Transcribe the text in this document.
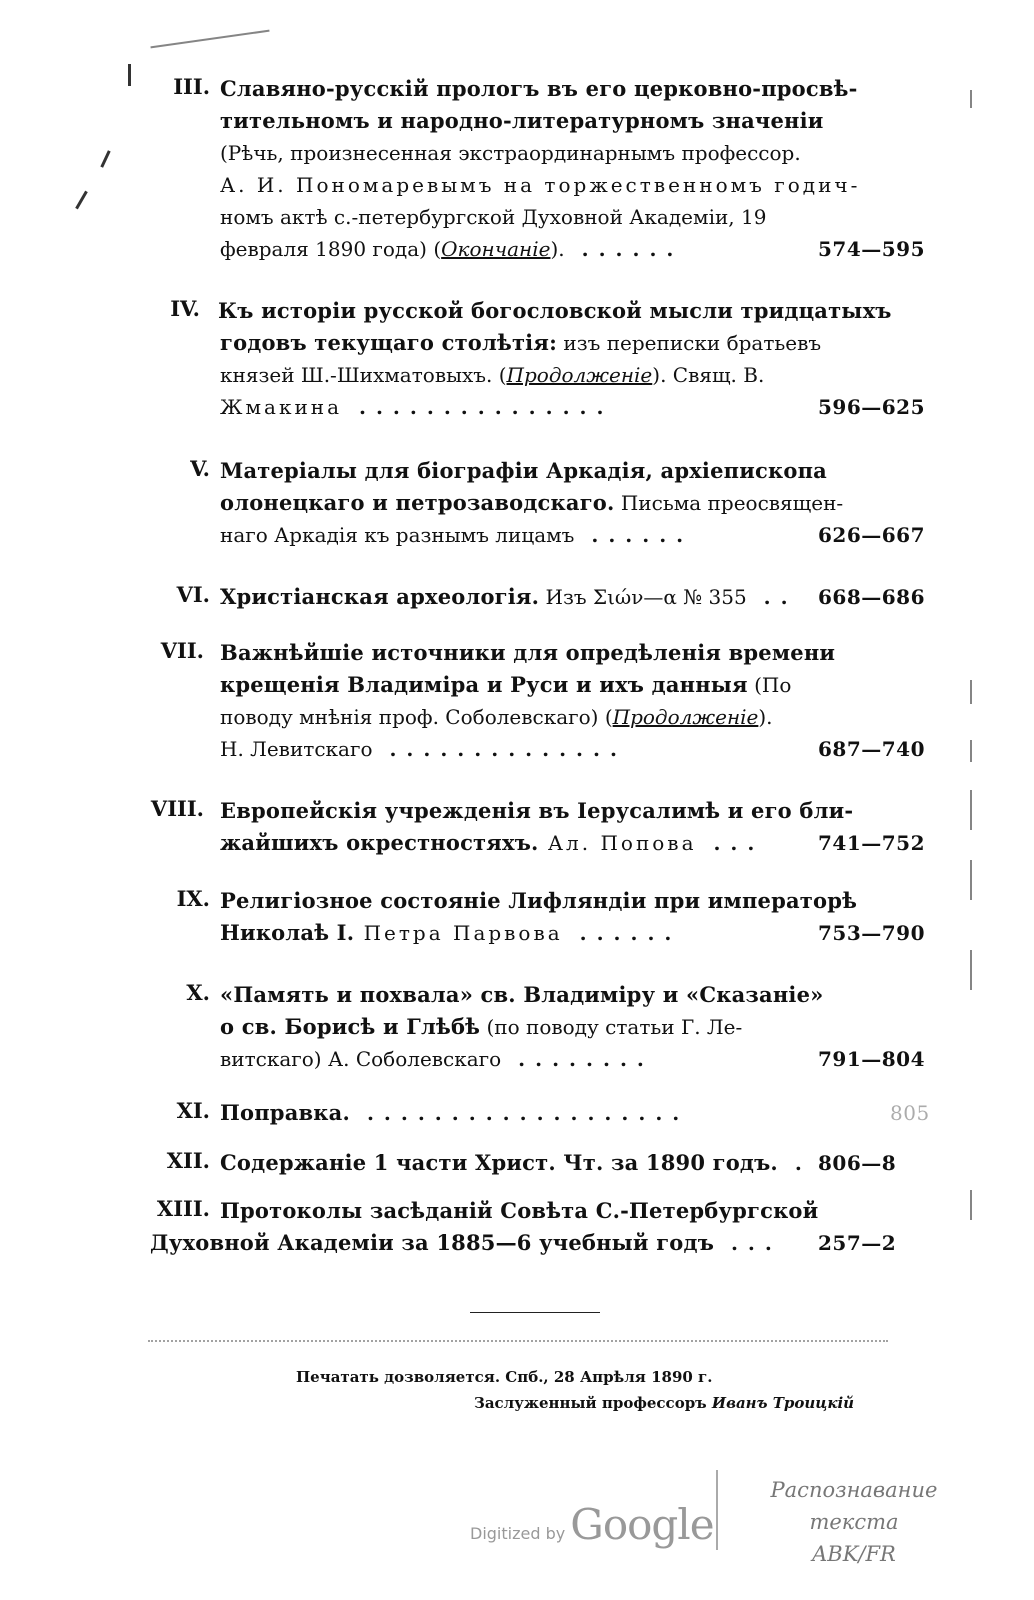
III. Славяно-русскій прологъ въ его церковно-просвѣ-
тительномъ и народно-литературномъ значеніи
(Рѣчь, произнесенная экстраординарнымъ профессор.
А. И. Пономаревымъ на торжественномъ годич-
номъ актѣ с.-петербургской Духовной Академіи, 19
февраля 1890 года) (Окончаніе). ......	574—595
IV. Къ исторіи русской богословской мысли тридцатыхъ
годовъ текущаго столѣтія: изъ переписки братьевъ
князей Ш.-Шихматовыхъ. (Продолженіе). Свящ. В.
Жмакина ...............	596—625
V. Матеріалы для біографіи Аркадія, архіепископа
олонецкаго и петрозаводскаго. Письма преосвящен-
наго Аркадія къ разнымъ лицамъ ......	626—667
VI. Христіанская археологія. Изъ Σιών—α № 355 .. 668—686
VII. Важнѣйшіе источники для опредѣленія времени
крещенія Владиміра и Руси и ихъ данныя (По
поводу мнѣнія проф. Соболевскаго) (Продолженіе).
Н. Левитскаго ..............	687—740
VIII. Европейскія учрежденія въ Іерусалимѣ и его бли-
жайшихъ окрестностяхъ. Ал. Попова ...	741—752
IX. Религіозное состояніе Лифляндіи при императорѣ
Николаѣ I. Петра Парвова ......	753—790
X. «Память и похвала» св. Владиміру и «Сказаніе»
о св. Борисѣ и Глѣбѣ (по поводу статьи Г. Ле-
витскаго) А. Соболевскаго ........	791—804
XI. Поправка. ...................	805
XII. Содержаніе 1 части Христ. Чт. за 1890 годъ. . 806—8
XIII. Протоколы засѣданій Совѣта С.-Петербургской
Духовной Академіи за 1885—6 учебный годъ ... 257—2
Печатать дозволяется. Спб., 28 Апрѣля 1890 г.
Заслуженный профессоръ Иванъ Троицкій
Digitized by Google
Распознавание текста
ABK/FR
